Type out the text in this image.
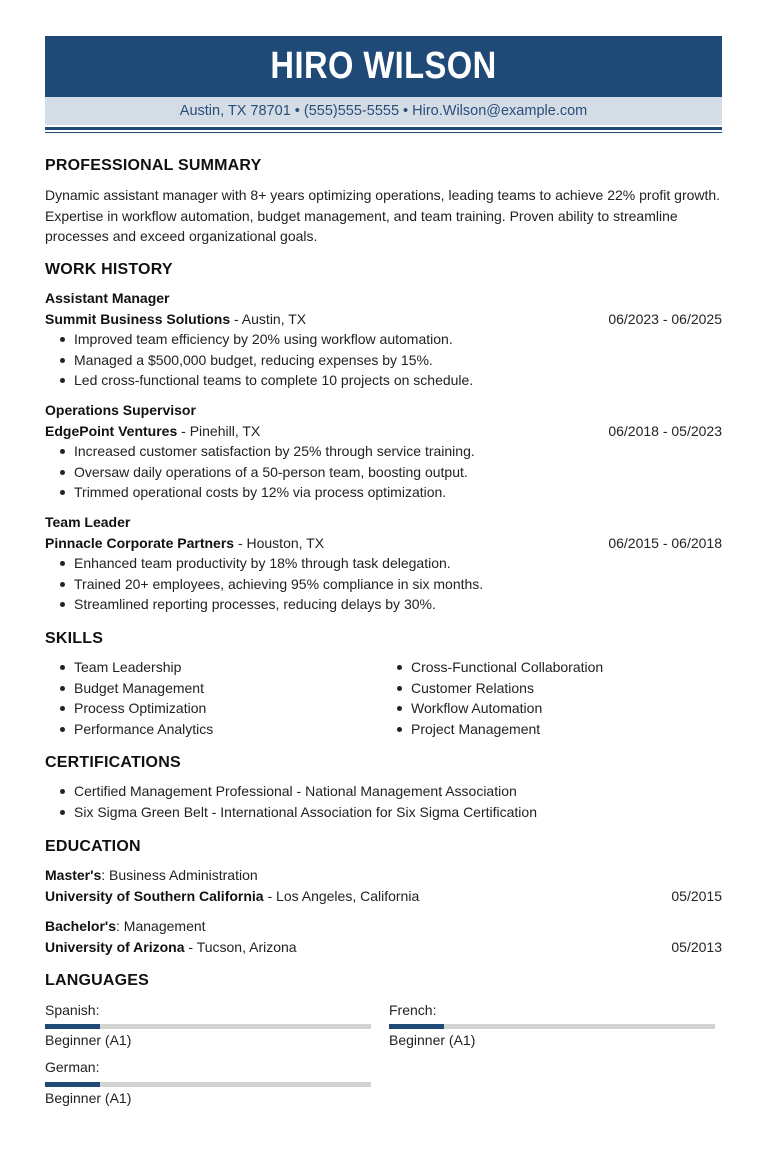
HIRO WILSON
Austin, TX 78701 • (555)555-5555 • Hiro.Wilson@example.com
PROFESSIONAL SUMMARY
Dynamic assistant manager with 8+ years optimizing operations, leading teams to achieve 22% profit growth. Expertise in workflow automation, budget management, and team training. Proven ability to streamline processes and exceed organizational goals.
WORK HISTORY
Assistant Manager
Summit Business Solutions - Austin, TX	06/2023 - 06/2025
Improved team efficiency by 20% using workflow automation.
Managed a $500,000 budget, reducing expenses by 15%.
Led cross-functional teams to complete 10 projects on schedule.
Operations Supervisor
EdgePoint Ventures - Pinehill, TX	06/2018 - 05/2023
Increased customer satisfaction by 25% through service training.
Oversaw daily operations of a 50-person team, boosting output.
Trimmed operational costs by 12% via process optimization.
Team Leader
Pinnacle Corporate Partners - Houston, TX	06/2015 - 06/2018
Enhanced team productivity by 18% through task delegation.
Trained 20+ employees, achieving 95% compliance in six months.
Streamlined reporting processes, reducing delays by 30%.
SKILLS
Team Leadership
Budget Management
Process Optimization
Performance Analytics
Cross-Functional Collaboration
Customer Relations
Workflow Automation
Project Management
CERTIFICATIONS
Certified Management Professional - National Management Association
Six Sigma Green Belt - International Association for Six Sigma Certification
EDUCATION
Master's: Business Administration
University of Southern California - Los Angeles, California	05/2015
Bachelor's: Management
University of Arizona - Tucson, Arizona	05/2013
LANGUAGES
Spanish:
Beginner (A1)
French:
Beginner (A1)
German:
Beginner (A1)
